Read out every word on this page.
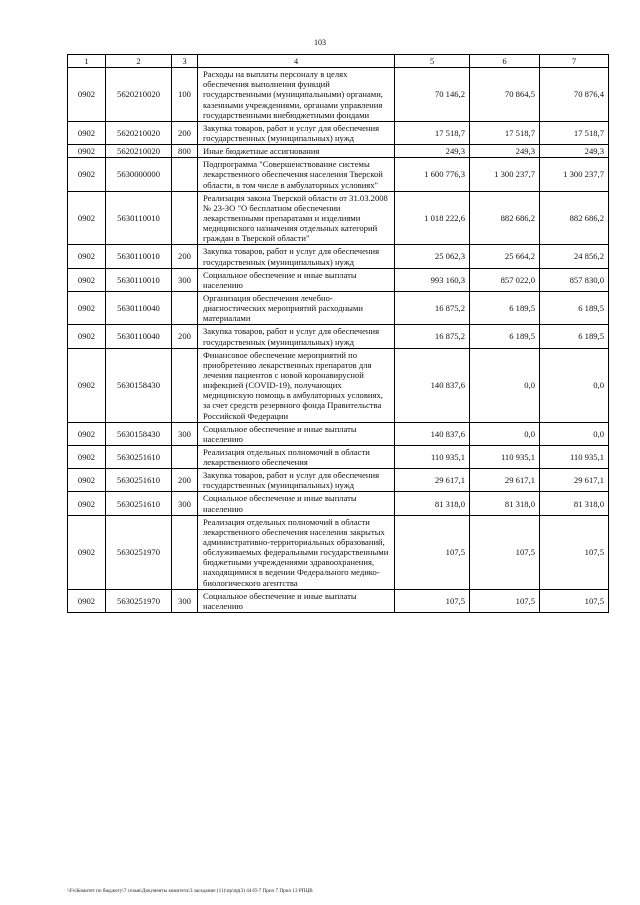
103
1	2	3	4	5	6	7
0902	5620210020	100	Расходы на выплаты персоналу в целях обеспечения выполнения функций государственными (муниципальными) органами, казенными учреждениями, органами управления государственными внебюджетными фондами	70 146,2	70 864,5	70 876,4
0902	5620210020	200	Закупка товаров, работ и услуг для обеспечения государственных (муниципальных) нужд	17 518,7	17 518,7	17 518,7
0902	5620210020	800	Иные бюджетные ассигнования	249,3	249,3	249,3
0902	5630000000		Подпрограмма "Совершенствование системы лекарственного обеспечения населения Тверской области, в том числе в амбулаторных условиях"	1 600 776,3	1 300 237,7	1 300 237,7
0902	5630110010		Реализация закона Тверской области от 31.03.2008 № 23-ЗО "О бесплатном обеспечении лекарственными препаратами и изделиями медицинского назначения отдельных категорий граждан в Тверской области"	1 018 222,6	882 686,2	882 686,2
0902	5630110010	200	Закупка товаров, работ и услуг для обеспечения государственных (муниципальных) нужд	25 062,3	25 664,2	24 856,2
0902	5630110010	300	Социальное обеспечение и иные выплаты населению	993 160,3	857 022,0	857 830,0
0902	5630110040		Организация обеспечения лечебно-диагностических мероприятий расходными материалами	16 875,2	6 189,5	6 189,5
0902	5630110040	200	Закупка товаров, работ и услуг для обеспечения государственных (муниципальных) нужд	16 875,2	6 189,5	6 189,5
0902	5630158430		Финансовое обеспечение мероприятий по приобретению лекарственных препаратов для лечения пациентов с новой коронавирусной инфекцией (COVID-19), получающих медицинскую помощь в амбулаторных условиях, за счет средств резервного фонда Правительства Российской Федерации	140 837,6	0,0	0,0
0902	5630158430	300	Социальное обеспечение и иные выплаты населению	140 837,6	0,0	0,0
0902	5630251610		Реализация отдельных полномочий в области лекарственного обеспечения	110 935,1	110 935,1	110 935,1
0902	5630251610	200	Закупка товаров, работ и услуг для обеспечения государственных (муниципальных) нужд	29 617,1	29 617,1	29 617,1
0902	5630251610	300	Социальное обеспечение и иные выплаты населению	81 318,0	81 318,0	81 318,0
0902	5630251970		Реализация отдельных полномочий в области лекарственного обеспечения населения закрытых административно-территориальных образований, обслуживаемых федеральными государственными бюджетными учреждениями здравоохранения, находящимися в ведении Федерального медико-биологического агентства	107,5	107,5	107,5
0902	5630251970	300	Социальное обеспечение и иные выплаты населению	107,5	107,5	107,5
\\Fs\Комитет по бюджету\7 созыв\Документы комитета\3 заседание (11)\пр\пр(3) 44-П-7 Прил 7 Прил 13 РПЦВ
